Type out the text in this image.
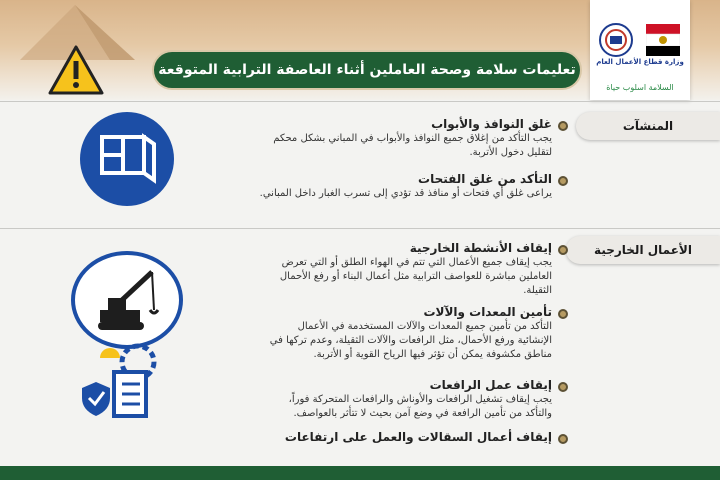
وزارة قطاع الأعمال العام
السلامة اسلوب حياة
تعليمات سلامة وصحة العاملين أثناء العاصفة الترابية المتوقعة
المنشآت
غلق النوافذ والأبواب
يجب التأكد من إغلاق جميع النوافذ والأبواب في المباني بشكل محكم
لتقليل دخول الأتربة.
التأكد من غلق الفتحات
يراعى غلق أي فتحات أو منافذ قد تؤدي إلى تسرب الغبار داخل المباني.
الأعمال الخارجية
إيقاف الأنشطة الخارجية
يجب إيقاف جميع الأعمال التي تتم في الهواء الطلق أو التي تعرض
العاملين مباشرة للعواصف الترابية مثل أعمال البناء أو رفع الأحمال
الثقيلة.
تأمين المعدات والآلات
التأكد من تأمين جميع المعدات والآلات المستخدمة في الأعمال
الإنشائية ورفع الأحمال، مثل الرافعات والآلات الثقيلة، وعدم تركها في
مناطق مكشوفة يمكن أن تؤثر فيها الرياح القوية أو الأتربة.
إيقاف عمل الرافعات
يجب إيقاف تشغيل الرافعات والأوناش والرافعات المتحركة فوراً،
والتأكد من تأمين الرافعة في وضع آمن بحيث لا تتأثر بالعواصف.
إيقاف أعمال السقالات والعمل على ارتفاعات
